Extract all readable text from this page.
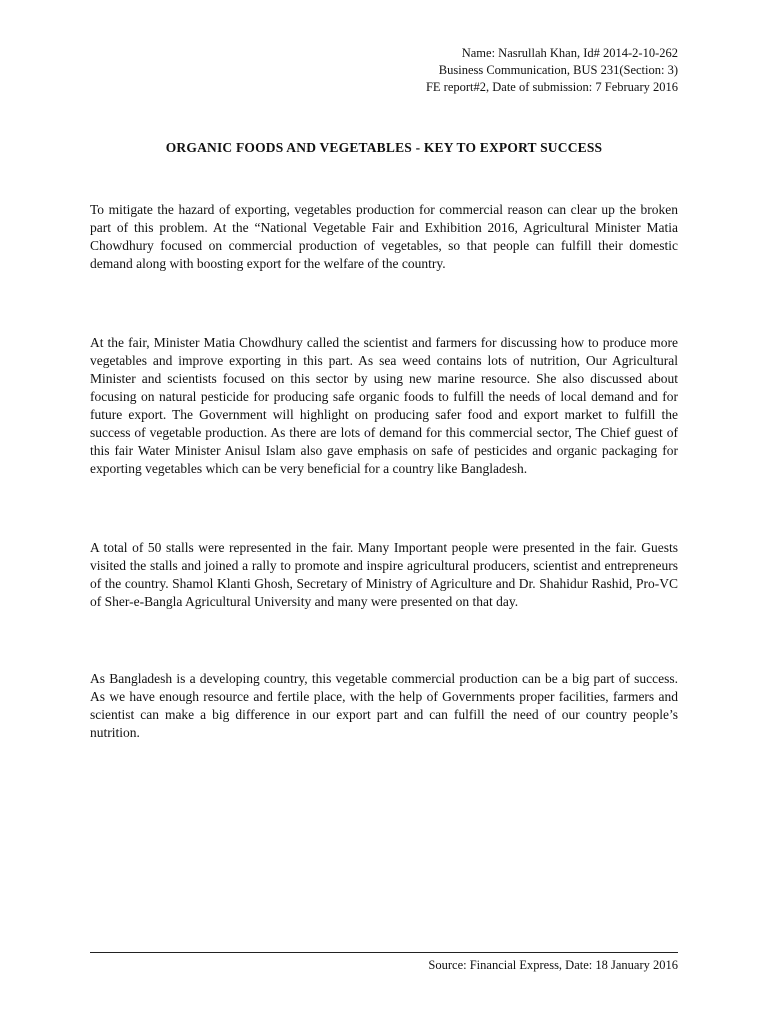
Name: Nasrullah Khan, Id# 2014-2-10-262
Business Communication, BUS 231(Section: 3)
FE report#2, Date of submission: 7 February 2016
ORGANIC FOODS AND VEGETABLES - KEY TO EXPORT SUCCESS

To mitigate the hazard of exporting, vegetables production for commercial reason can clear up the broken part of this problem. At the “National Vegetable Fair and Exhibition 2016, Agricultural Minister Matia Chowdhury focused on commercial production of vegetables, so that people can fulfill their domestic demand along with boosting export for the welfare of the country.

At the fair, Minister Matia Chowdhury called the scientist and farmers for discussing how to produce more vegetables and improve exporting in this part. As sea weed contains lots of nutrition, Our Agricultural Minister and scientists focused on this sector by using new marine resource. She also discussed about focusing on natural pesticide for producing safe organic foods to fulfill the needs of local demand and for future export. The Government will highlight on producing safer food and export market to fulfill the success of vegetable production. As there are lots of demand for this commercial sector, The Chief guest of this fair Water Minister Anisul Islam also gave emphasis on safe of pesticides and organic packaging for exporting vegetables which can be very beneficial for a country like Bangladesh.

A total of 50 stalls were represented in the fair. Many Important people were presented in the fair. Guests visited the stalls and joined a rally to promote and inspire agricultural producers, scientist and entrepreneurs of the country. Shamol Klanti Ghosh, Secretary of Ministry of Agriculture and Dr. Shahidur Rashid, Pro-VC of Sher-e-Bangla Agricultural University and many were presented on that day.

As Bangladesh is a developing country, this vegetable commercial production can be a big part of success. As we have enough resource and fertile place, with the help of Governments proper facilities, farmers and scientist can make a big difference in our export part and can fulfill the need of our country people’s nutrition.

Source: Financial Express, Date: 18 January 2016
